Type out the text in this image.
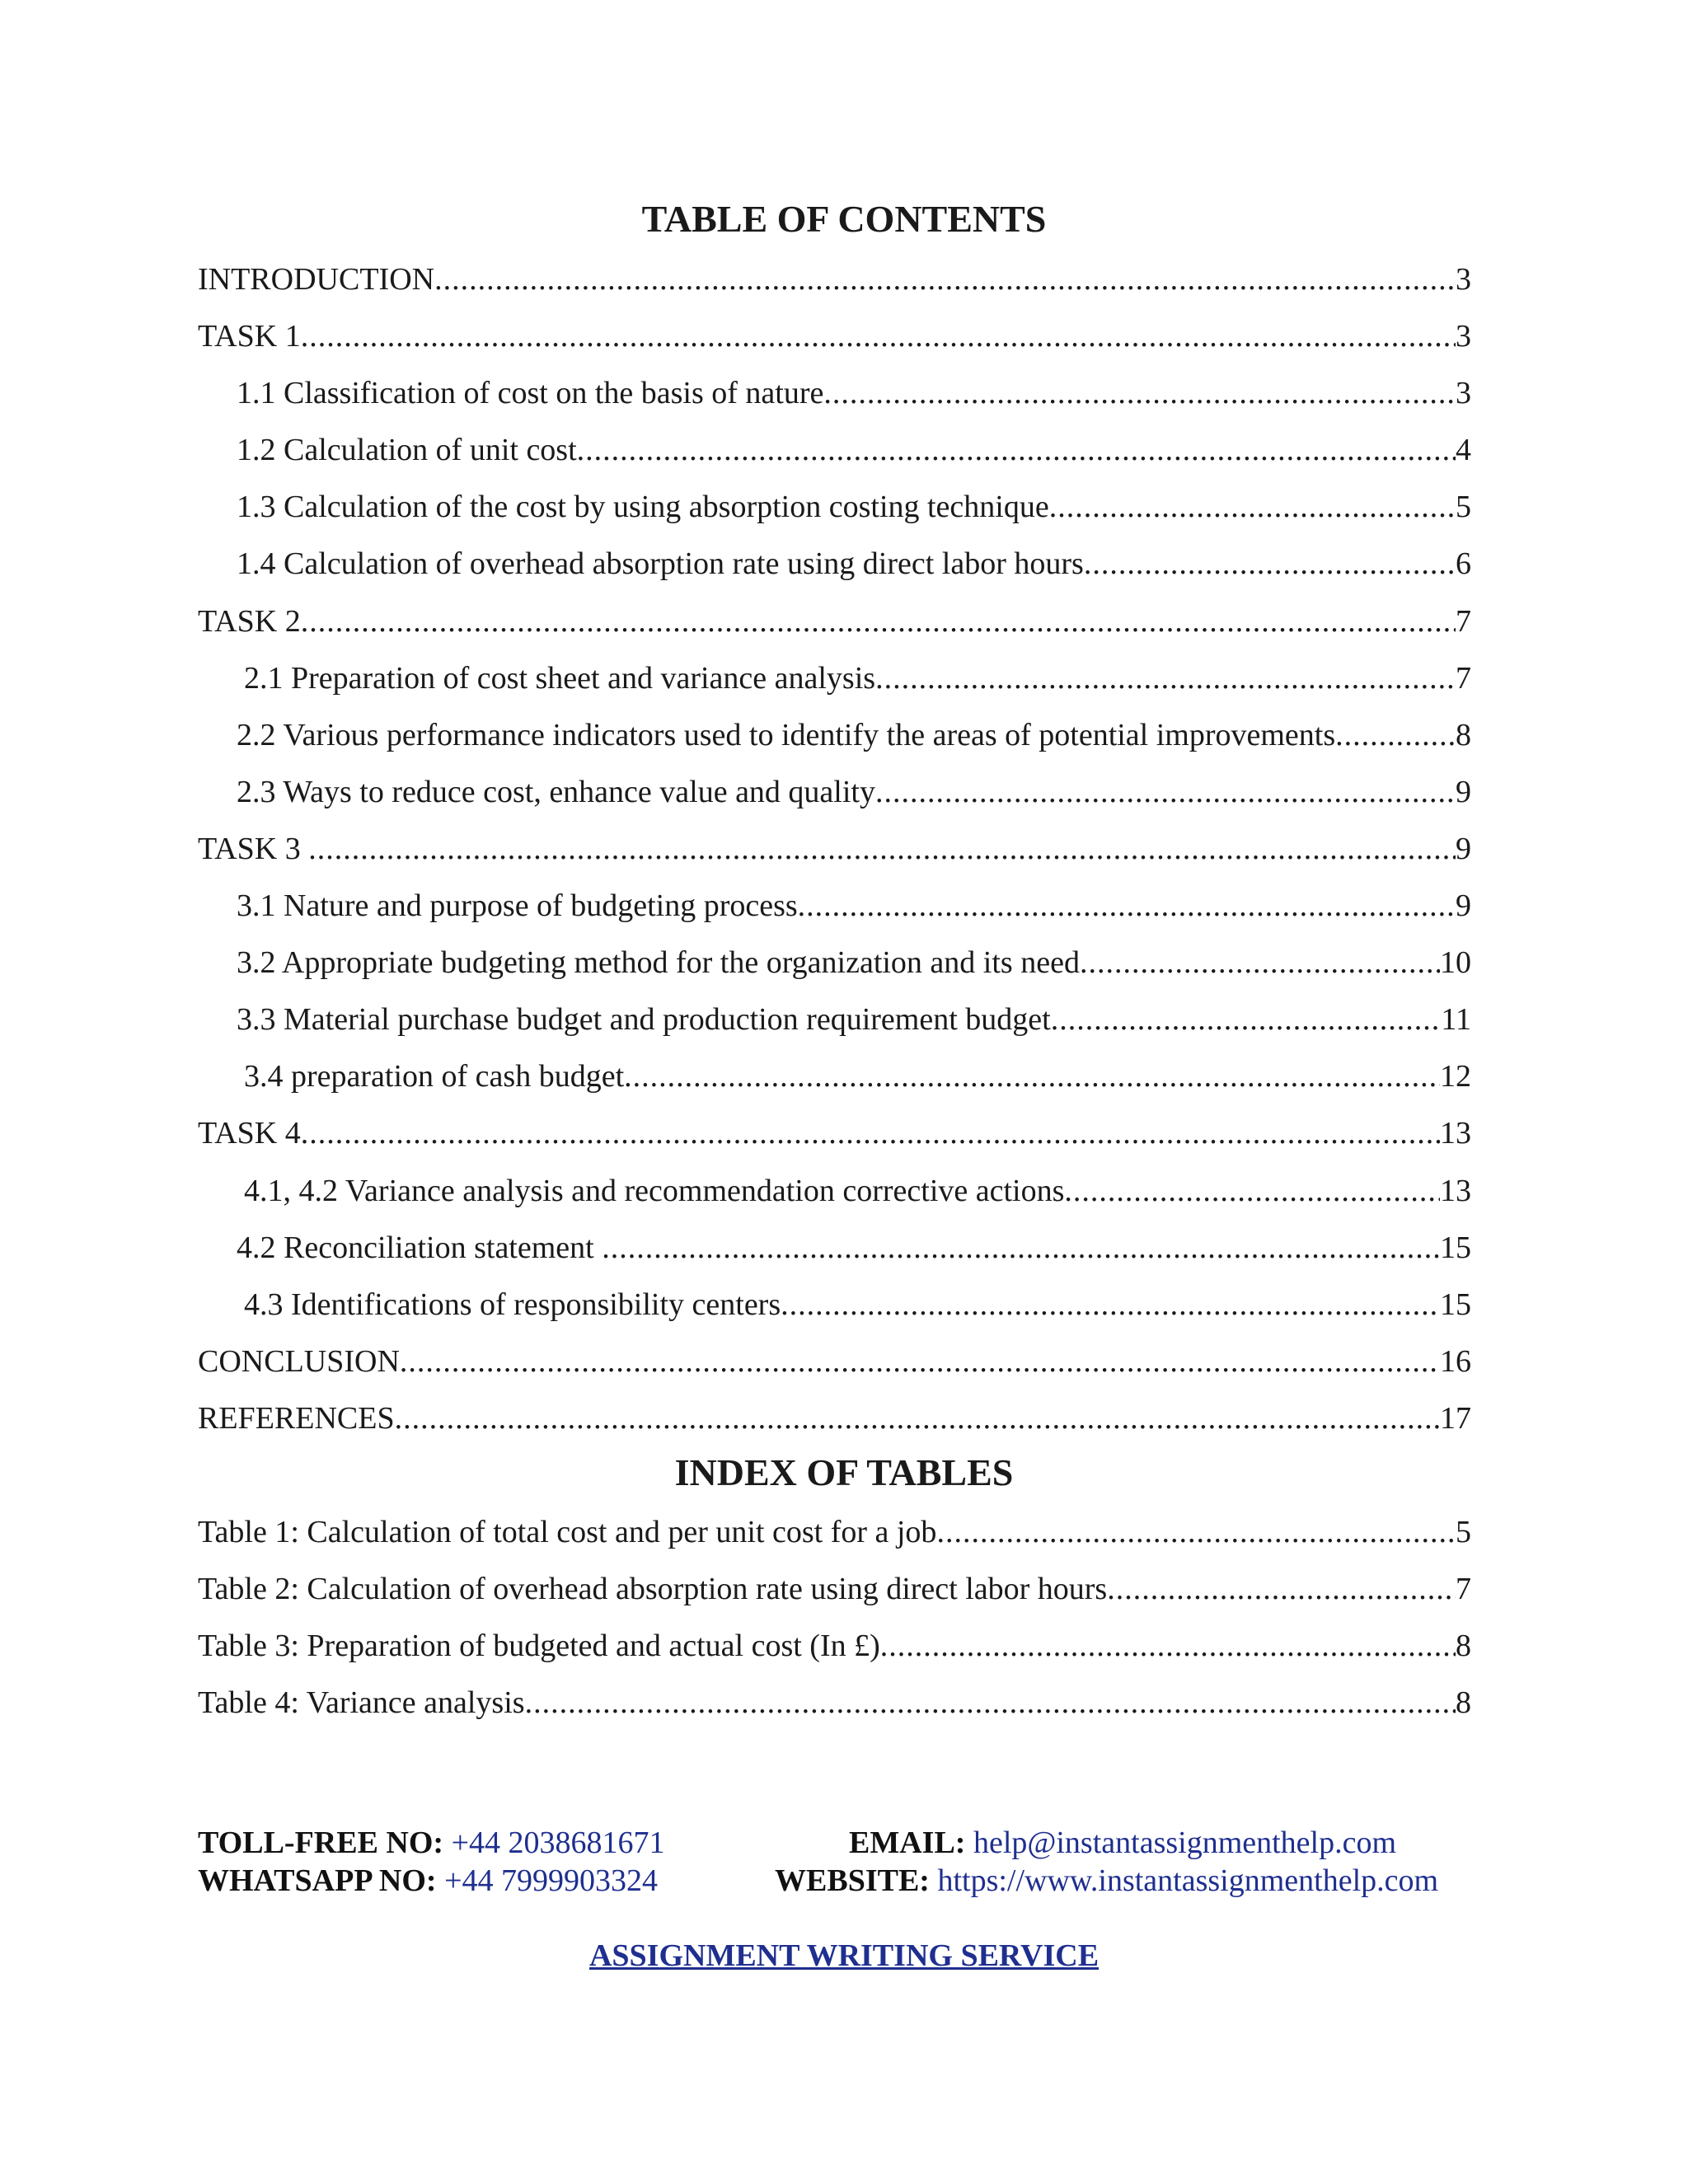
TABLE OF CONTENTS
INTRODUCTION .....	3
TASK 1 .....	3
1.1 Classification of cost on the basis of nature .....	3
1.2 Calculation of unit cost .....	4
1.3 Calculation of the cost by using absorption costing technique .....	5
1.4 Calculation of overhead absorption rate using direct labor hours .....	6
TASK 2 .....	7
2.1 Preparation of cost sheet and variance analysis .....	7
2.2 Various performance indicators used to identify the areas of potential improvements .....	8
2.3 Ways to reduce cost, enhance value and quality .....	9
TASK 3 .....	9
3.1 Nature and purpose of budgeting process .....	9
3.2 Appropriate budgeting method for the organization and its need .....	10
3.3 Material purchase budget and production requirement budget .....	11
3.4 preparation of cash budget .....	12
TASK 4 .....	13
4.1, 4.2 Variance analysis and recommendation corrective actions .....	13
4.2 Reconciliation statement .....	15
4.3 Identifications of responsibility centers .....	15
CONCLUSION .....	16
REFERENCES .....	17
INDEX OF TABLES
Table 1: Calculation of total cost and per unit cost for a job .....	5
Table 2: Calculation of overhead absorption rate using direct labor hours .....	7
Table 3: Preparation of budgeted and actual cost (In £) .....	8
Table 4: Variance analysis .....	8
TOLL-FREE NO: +44 2038681671
WHATSAPP NO: +44 7999903324
EMAIL: help@instantassignmenthelp.com
WEBSITE: https://www.instantassignmenthelp.com
ASSIGNMENT WRITING SERVICE
